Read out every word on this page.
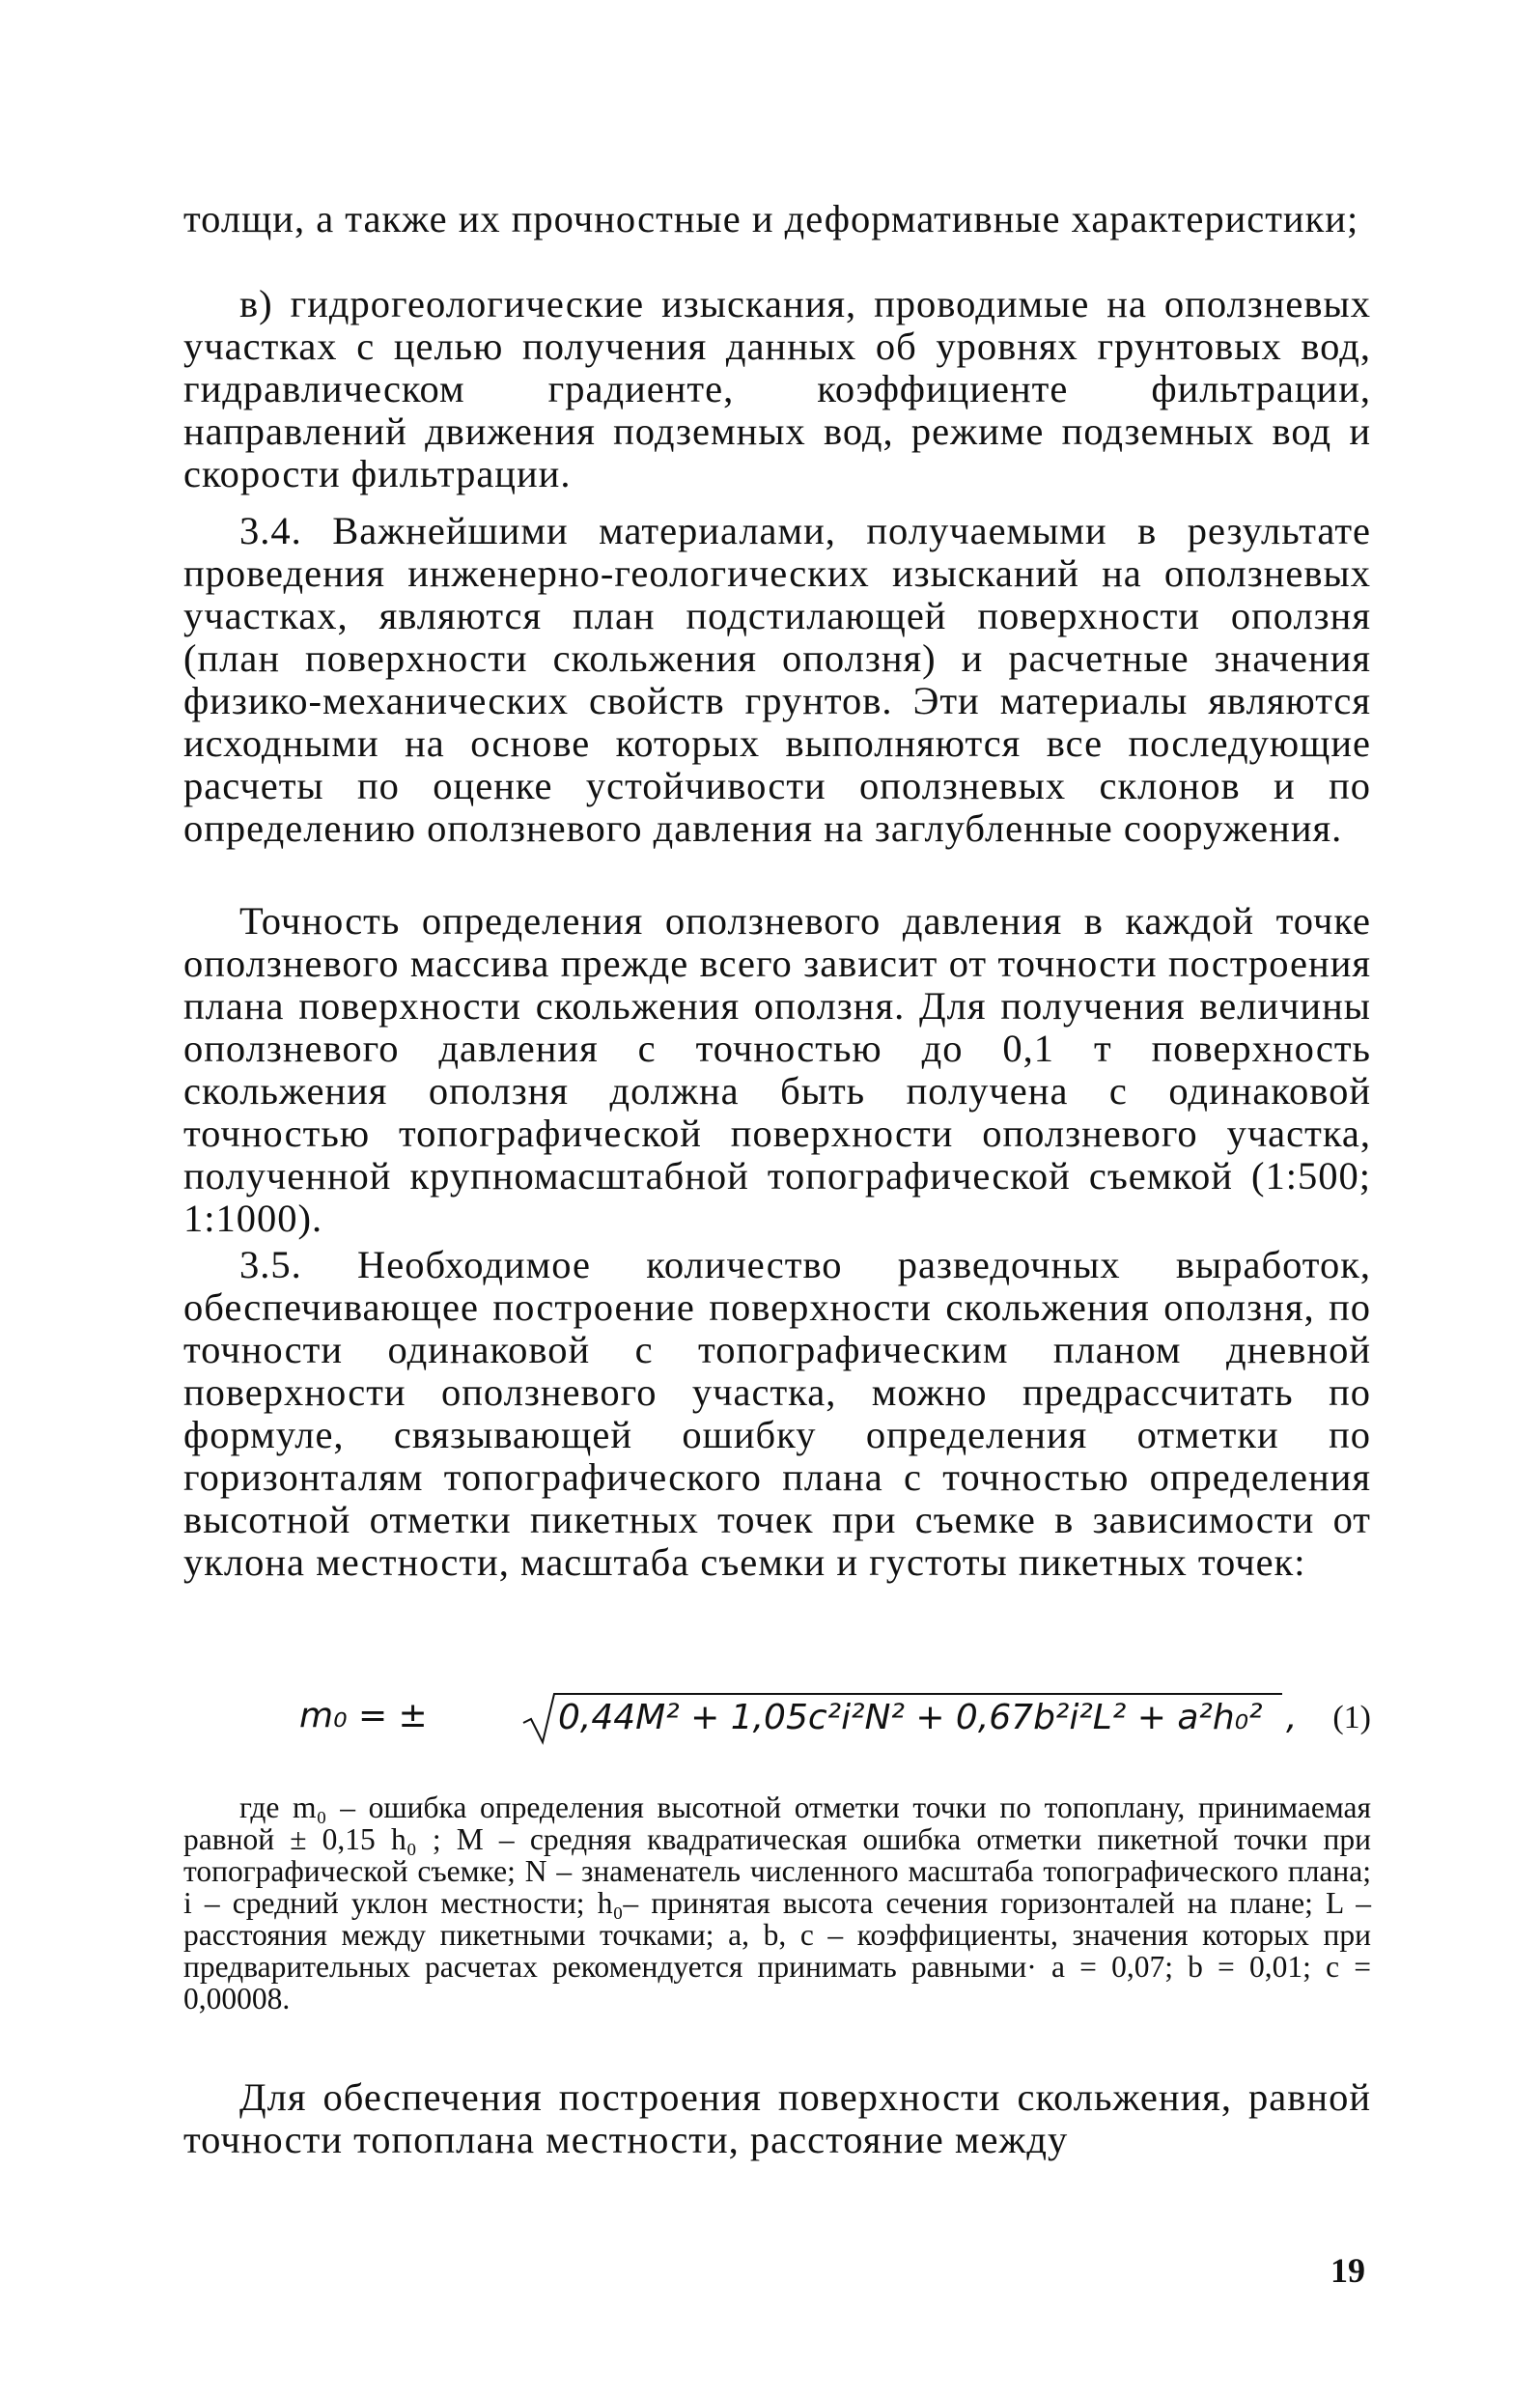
толщи, а также их прочностные и деформативные характеристики;

в) гидрогеологические изыскания, проводимые на оползневых участках с целью получения данных об уровнях грунтовых вод, гидравлическом градиенте, коэффициенте фильтрации, направлений движения подземных вод, режиме подземных вод и скорости фильтрации.

3.4. Важнейшими материалами, получаемыми в результате проведения инженерно-геологических изысканий на оползневых участках, являются план подстилающей поверхности оползня (план поверхности скольжения оползня) и расчетные значения физико-механических свойств грунтов. Эти материалы являются исходными на основе которых выполняются все последующие расчеты по оценке устойчивости оползневых склонов и по определению оползневого давления на заглубленные сооружения.

Точность определения оползневого давления в каждой точке оползневого массива прежде всего зависит от точности построения плана поверхности скольжения оползня. Для получения величины оползневого давления с точностью до 0,1 т поверхность скольжения оползня должна быть получена с одинаковой точностью топографической поверхности оползневого участка, полученной крупномасштабной топографической съемкой (1:500; 1:1000).

3.5. Необходимое количество разведочных выработок, обеспечивающее построение поверхности скольжения оползня, по точности одинаковой с топографическим планом дневной поверхности оползневого участка, можно предрассчитать по формуле, связывающей ошибку определения отметки по горизонталям топографического плана с точностью определения высотной отметки пикетных точек при съемке в зависимости от уклона местности, масштаба съемки и густоты пикетных точек:

m₀ = ±	0,44M² + 1,05c²i²N² + 0,67b²i²L² + a²h₀² , (1)

где m₀ – ошибка определения высотной отметки точки по топоплану, принимаемая равной ± 0,15 h₀ ; M – средняя квадратическая ошибка отметки пикетной точки при топографической съемке; N – знаменатель численного масштаба топографического плана; i – средний уклон местности; h₀– принятая высота сечения горизонталей на плане; L – расстояния между пикетными точками; a, b, c – коэффициенты, значения которых при предварительных расчетах рекомендуется принимать равными· a = 0,07; b = 0,01; c = 0,00008.

Для обеспечения построения поверхности скольжения, равной точности топоплана местности, расстояние между

19
